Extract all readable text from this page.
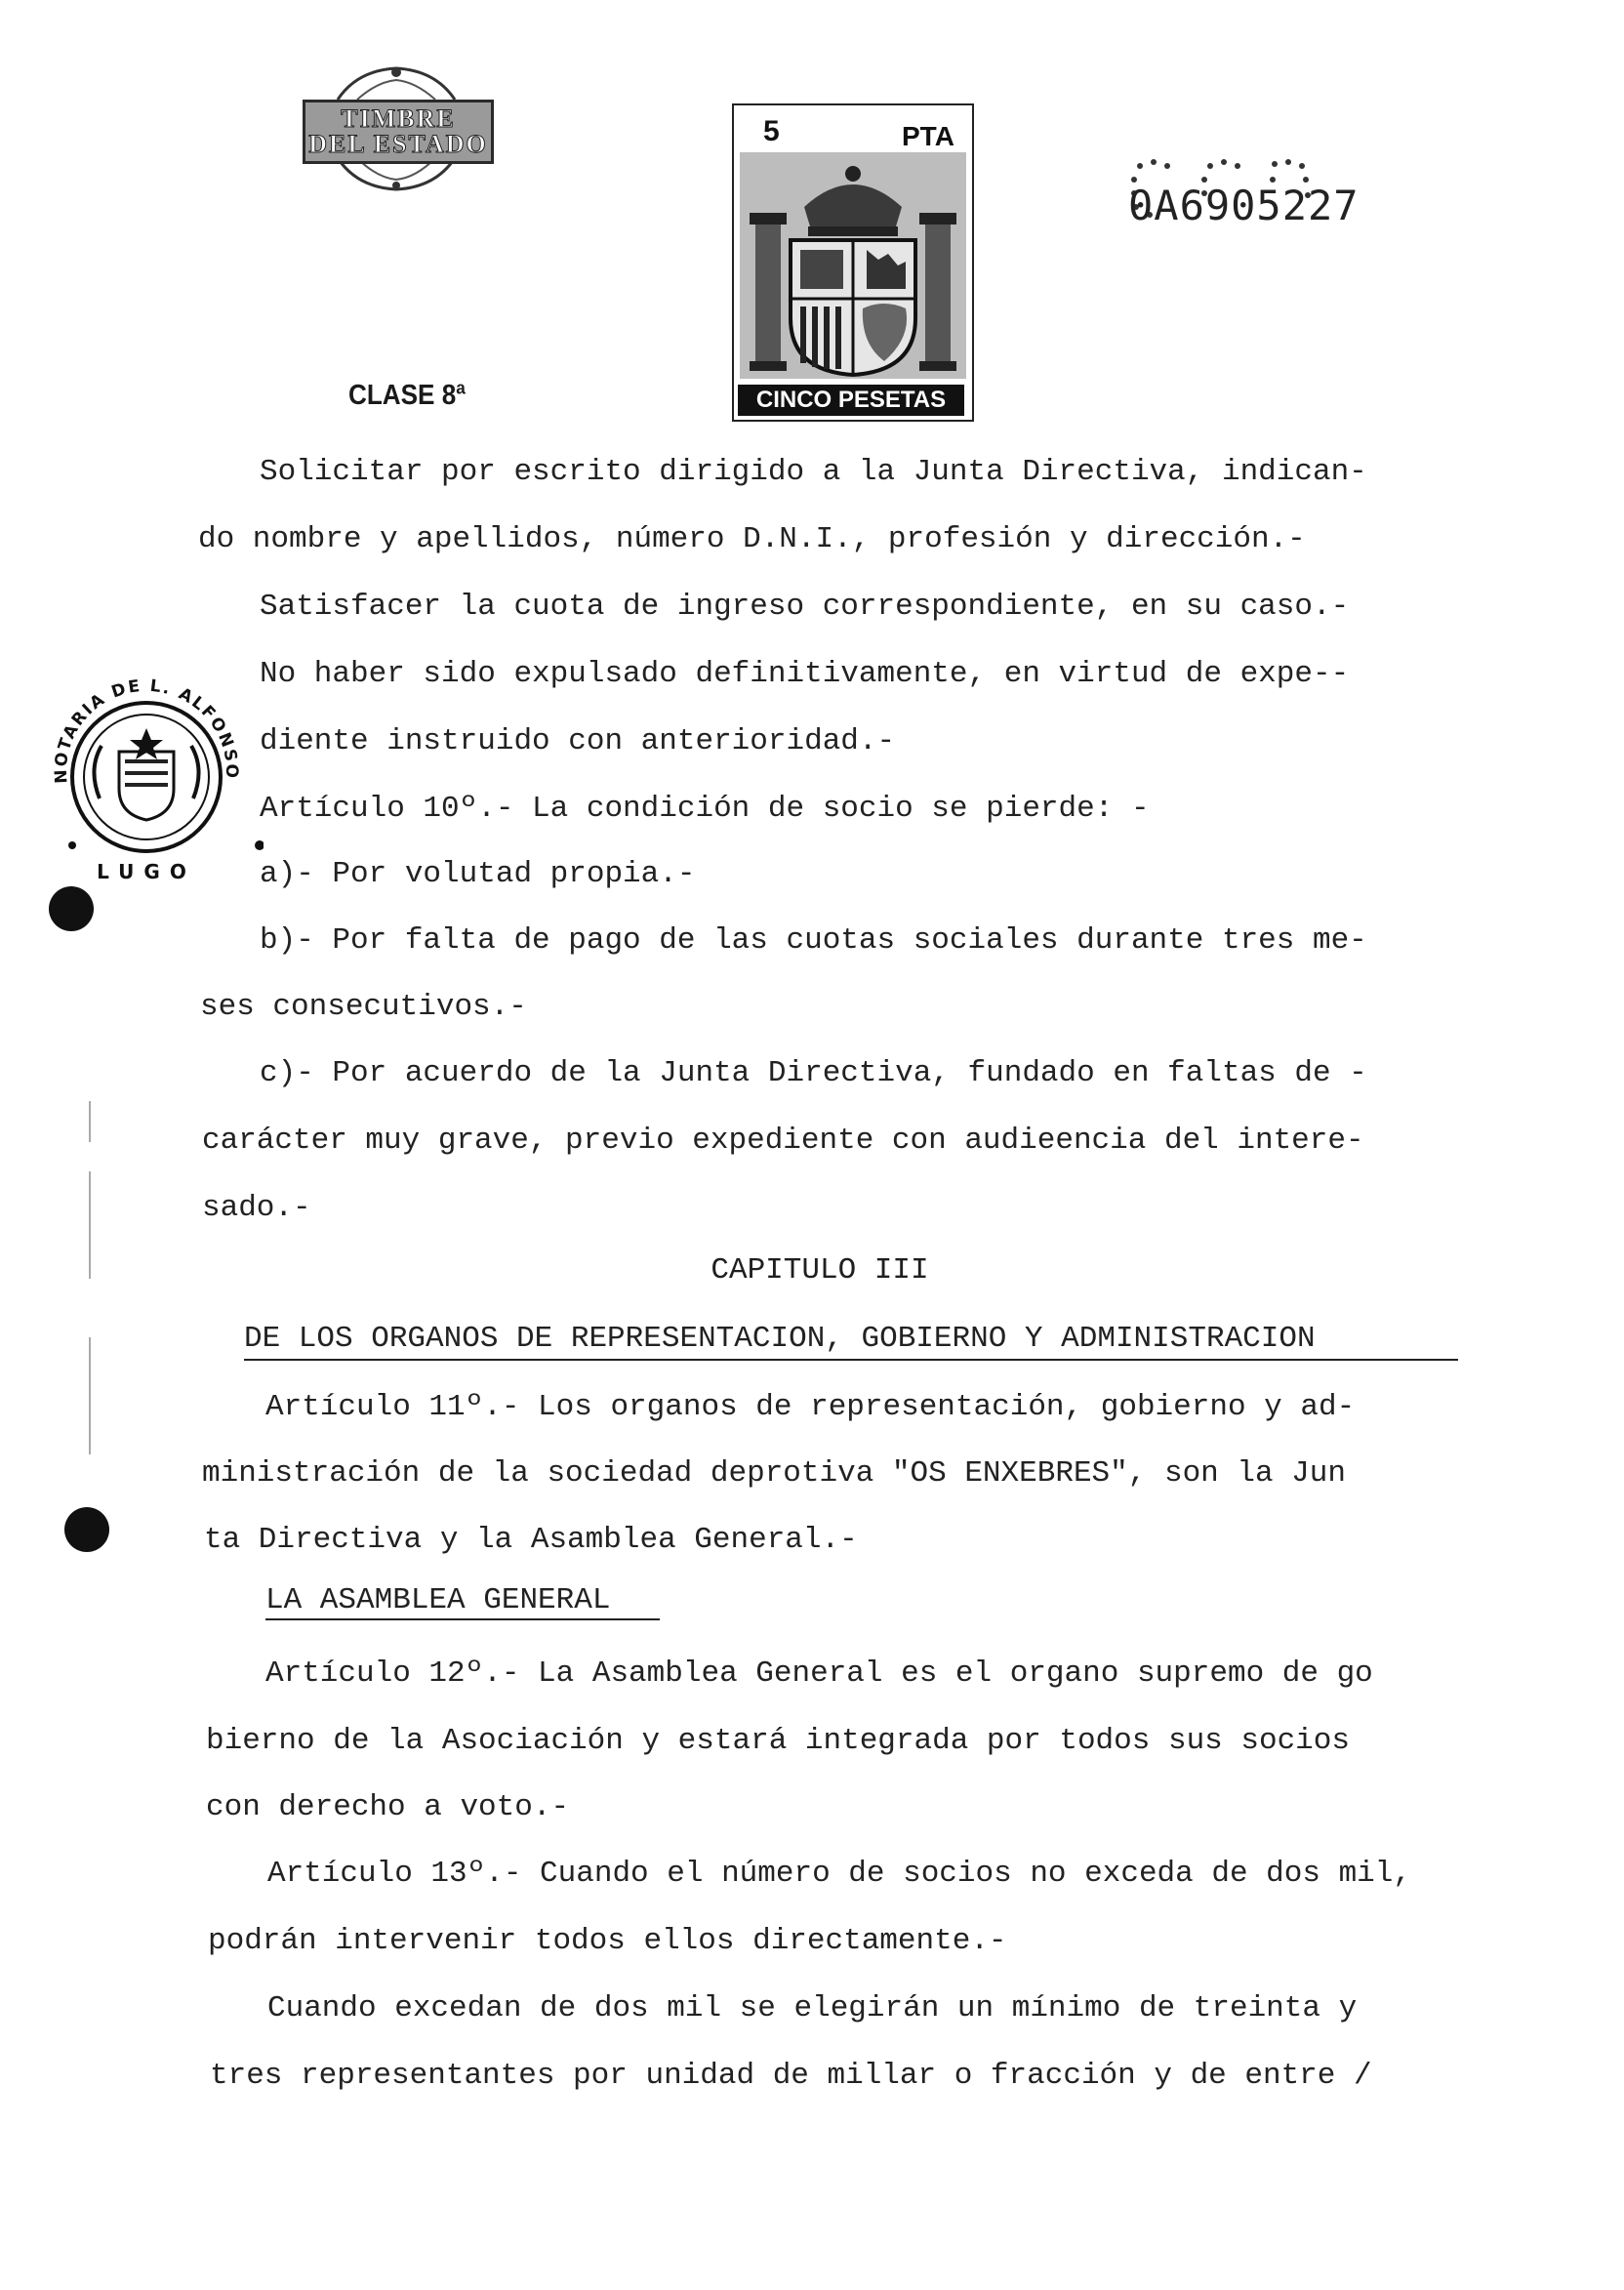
TIMBRE
DEL ESTADO	5	PTA
CINCO PESETAS
0A6905227
CLASE 8ª
NOTARIA DE L. ALFONSO
LUGO
Solicitar por escrito dirigido a la Junta Directiva, indican-
do nombre y apellidos, número D.N.I., profesión y dirección.-
Satisfacer la cuota de ingreso correspondiente, en su caso.-
No haber sido expulsado definitivamente, en virtud de expe--
diente instruido con anterioridad.-
Artículo 10º.- La condición de socio se pierde: -
a)- Por volutad propia.-
b)- Por falta de pago de las cuotas sociales durante tres me-
ses consecutivos.-
c)- Por acuerdo de la Junta Directiva, fundado en faltas de -
carácter muy grave, previo expediente con audieencia del intere-
sado.-
CAPITULO III
DE LOS ORGANOS DE REPRESENTACION, GOBIERNO Y ADMINISTRACION
Artículo 11º.- Los organos de representación, gobierno y ad-
ministración de la sociedad deprotiva "OS ENXEBRES", son la Jun
ta Directiva y la Asamblea General.-
LA ASAMBLEA GENERAL
Artículo 12º.- La Asamblea General es el organo supremo de go
bierno de la Asociación y estará integrada por todos sus socios
con derecho a voto.-
Artículo 13º.- Cuando el número de socios no exceda de dos mil,
podrán intervenir todos ellos directamente.-
Cuando excedan de dos mil se elegirán un mínimo de treinta y
tres representantes por unidad de millar o fracción y de entre /
